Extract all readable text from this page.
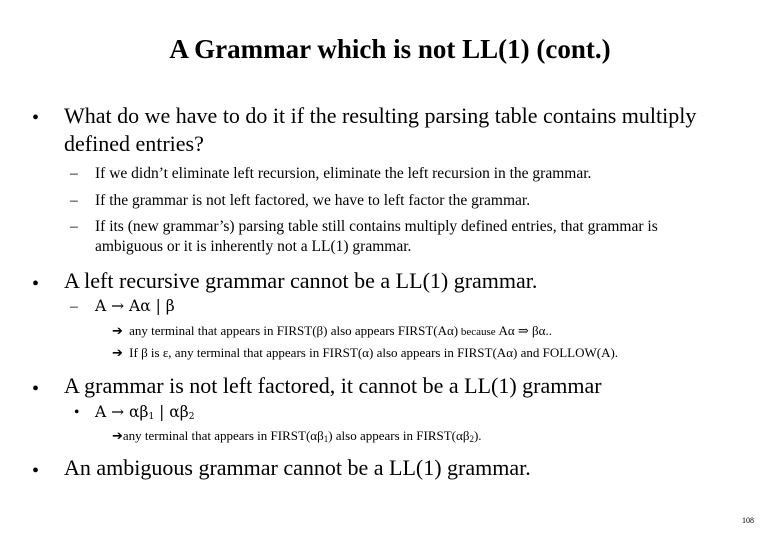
A Grammar which is not LL(1) (cont.)
• What do we have to do it if the resulting parsing table contains multiply
defined entries?
– If we didn’t eliminate left recursion, eliminate the left recursion in the grammar.
– If the grammar is not left factored, we have to left factor the grammar.
– If its (new grammar’s) parsing table still contains multiply defined entries, that grammar is
ambiguous or it is inherently not a LL(1) grammar.
• A left recursive grammar cannot be a LL(1) grammar.
– A → Aα | β
➔ any terminal that appears in FIRST(β) also appears FIRST(Aα) because Aα ⇒ βα..
➔ If β is ε, any terminal that appears in FIRST(α) also appears in FIRST(Aα) and FOLLOW(A).
• A grammar is not left factored, it cannot be a LL(1) grammar
• $A \to \alpha\beta_1$ | $\alpha\beta_2$
➔any terminal that appears in $FIRST(\alpha\beta_1)$ also appears in $FIRST(\alpha\beta_2)$.
• An ambiguous grammar cannot be a LL(1) grammar.
108
